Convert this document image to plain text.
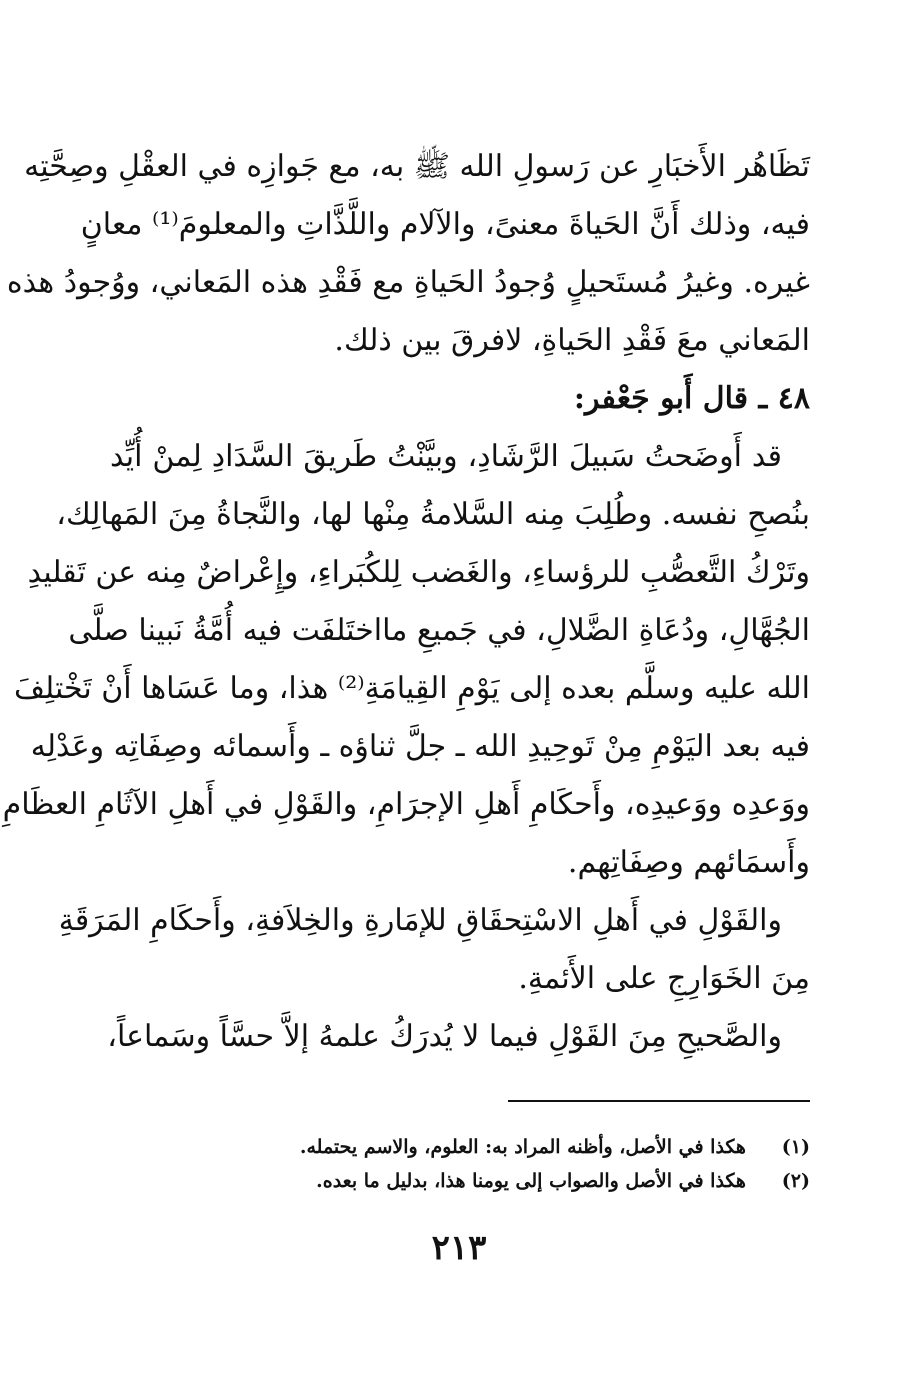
تَظَاهُر الأَخبَارِ عن رَسولِ الله ﷺ به، مع جَوازِه في العقْلِ وصِحَّتِه
فيه، وذلك أَنَّ الحَياةَ معنىً، والآلام واللَّذَّاتِ والمعلومَ⁽¹⁾ معانٍ
غيره. وغيرُ مُستَحيلٍ وُجودُ الحَياةِ مع فَقْدِ هذه المَعاني، ووُجودُ هذه
المَعاني معَ فَقْدِ الحَياةِ، لافرقَ بين ذلك.
٤٨ ـ قال أَبو جَعْفر:
قد أَوضَحتُ سَبيلَ الرَّشَادِ، وبيَّنْتُ طَريقَ السَّدَادِ لِمنْ أُيِّد
بنُصحِ نفسه. وطُلِبَ مِنه السَّلامةُ مِنْها لها، والنَّجاةُ مِنَ المَهالِك،
وتَرْكُ التَّعصُّبِ للرؤساءِ، والغَضب لِلكُبَراءِ، وإِعْراضٌ مِنه عن تَقليدِ
الجُهَّالِ، ودُعَاةِ الضَّلالِ، في جَميعِ مااختَلفَت فيه أُمَّةُ نَبينا صلَّى
الله عليه وسلَّم بعده إلى يَوْمِ القِيامَةِ⁽²⁾ هذا، وما عَسَاها أَنْ تَخْتلِفَ
فيه بعد اليَوْمِ مِنْ تَوحِيدِ الله ـ جلَّ ثناؤه ـ وأَسمائه وصِفَاتِه وعَدْلِه
ووَعدِه ووَعيدِه، وأَحكَامِ أَهلِ الإجرَامِ، والقَوْلِ في أَهلِ الآثَامِ العظَامِ
وأَسمَائهم وصِفَاتِهم.
والقَوْلِ في أَهلِ الاسْتِحقَاقِ للإمَارةِ والخِلاَفةِ، وأَحكَامِ المَرَقَةِ
مِنَ الخَوَارِجِ على الأَئمةِ.
والصَّحيحِ مِنَ القَوْلِ فيما لا يُدرَكُ علمهُ إلاَّ حسَّاً وسَماعاً،
(١) هكذا في الأصل، وأظنه المراد به: العلوم، والاسم يحتمله.
(٢) هكذا في الأصل والصواب إلى يومنا هذا، بدليل ما بعده.
٢١٣
